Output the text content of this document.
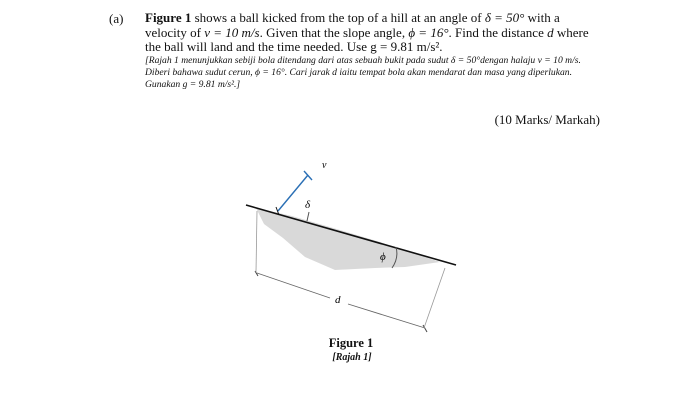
(a) Figure 1 shows a ball kicked from the top of a hill at an angle of δ = 50° with a velocity of v = 10 m/s. Given that the slope angle, ϕ = 16°. Find the distance d where the ball will land and the time needed. Use g = 9.81 m/s².
[Rajah 1 menunjukkan sebiji bola ditendang dari atas sebuah bukit pada sudut δ = 50°dengan halaju v = 10 m/s. Diberi bahawa sudut cerun, ϕ = 16°. Cari jarak d iaitu tempat bola akan mendarat dan masa yang diperlukan. Gunakan g = 9.81 m/s².]
(10 Marks/ Markah)
v
δ
ϕ
d
Figure 1
[Rajah 1]
